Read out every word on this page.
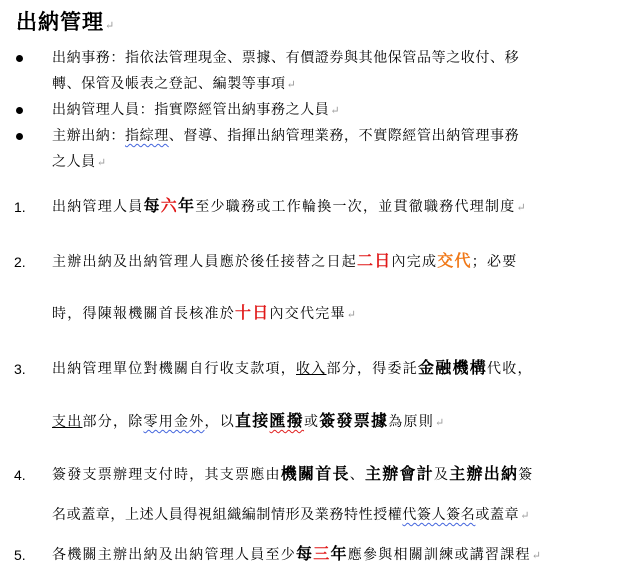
出納管理↵
出納事務：指依法管理現金、票據、有價證券與其他保管品等之收付、移
轉、保管及帳表之登記、編製等事項↵
出納管理人員：指實際經管出納事務之人員↵
主辦出納：指綜理、督導、指揮出納管理業務，不實際經管出納管理事務
之人員↵
1. 出納管理人員每六年至少職務或工作輪換一次，並貫徹職務代理制度↵
2. 主辦出納及出納管理人員應於後任接替之日起二日內完成交代；必要
時，得陳報機關首長核准於十日內交代完畢↵
3. 出納管理單位對機關自行收支款項，收入部分，得委託金融機構代收，
支出部分，除零用金外，以直接匯撥或簽發票據為原則↵
4. 簽發支票辦理支付時，其支票應由機關首長、主辦會計及主辦出納簽
名或蓋章，上述人員得視組織編制情形及業務特性授權代簽人簽名或蓋章↵
5. 各機關主辦出納及出納管理人員至少每三年應參與相關訓練或講習課程↵
